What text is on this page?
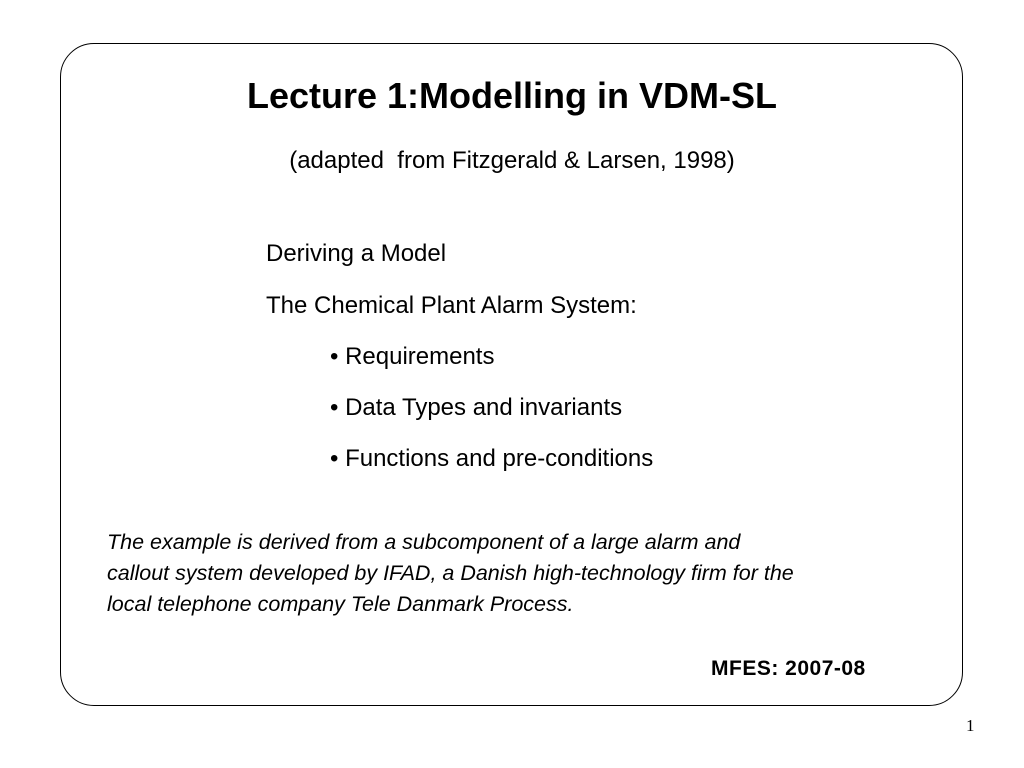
Lecture 1:Modelling in VDM-SL
(adapted  from Fitzgerald & Larsen, 1998)
Deriving a Model
The Chemical Plant Alarm System:
• Requirements
• Data Types and invariants
• Functions and pre-conditions
The example is derived from a subcomponent of a large alarm and
callout system developed by IFAD, a Danish high-technology firm for the
local telephone company Tele Danmark Process.
MFES: 2007-08
1
